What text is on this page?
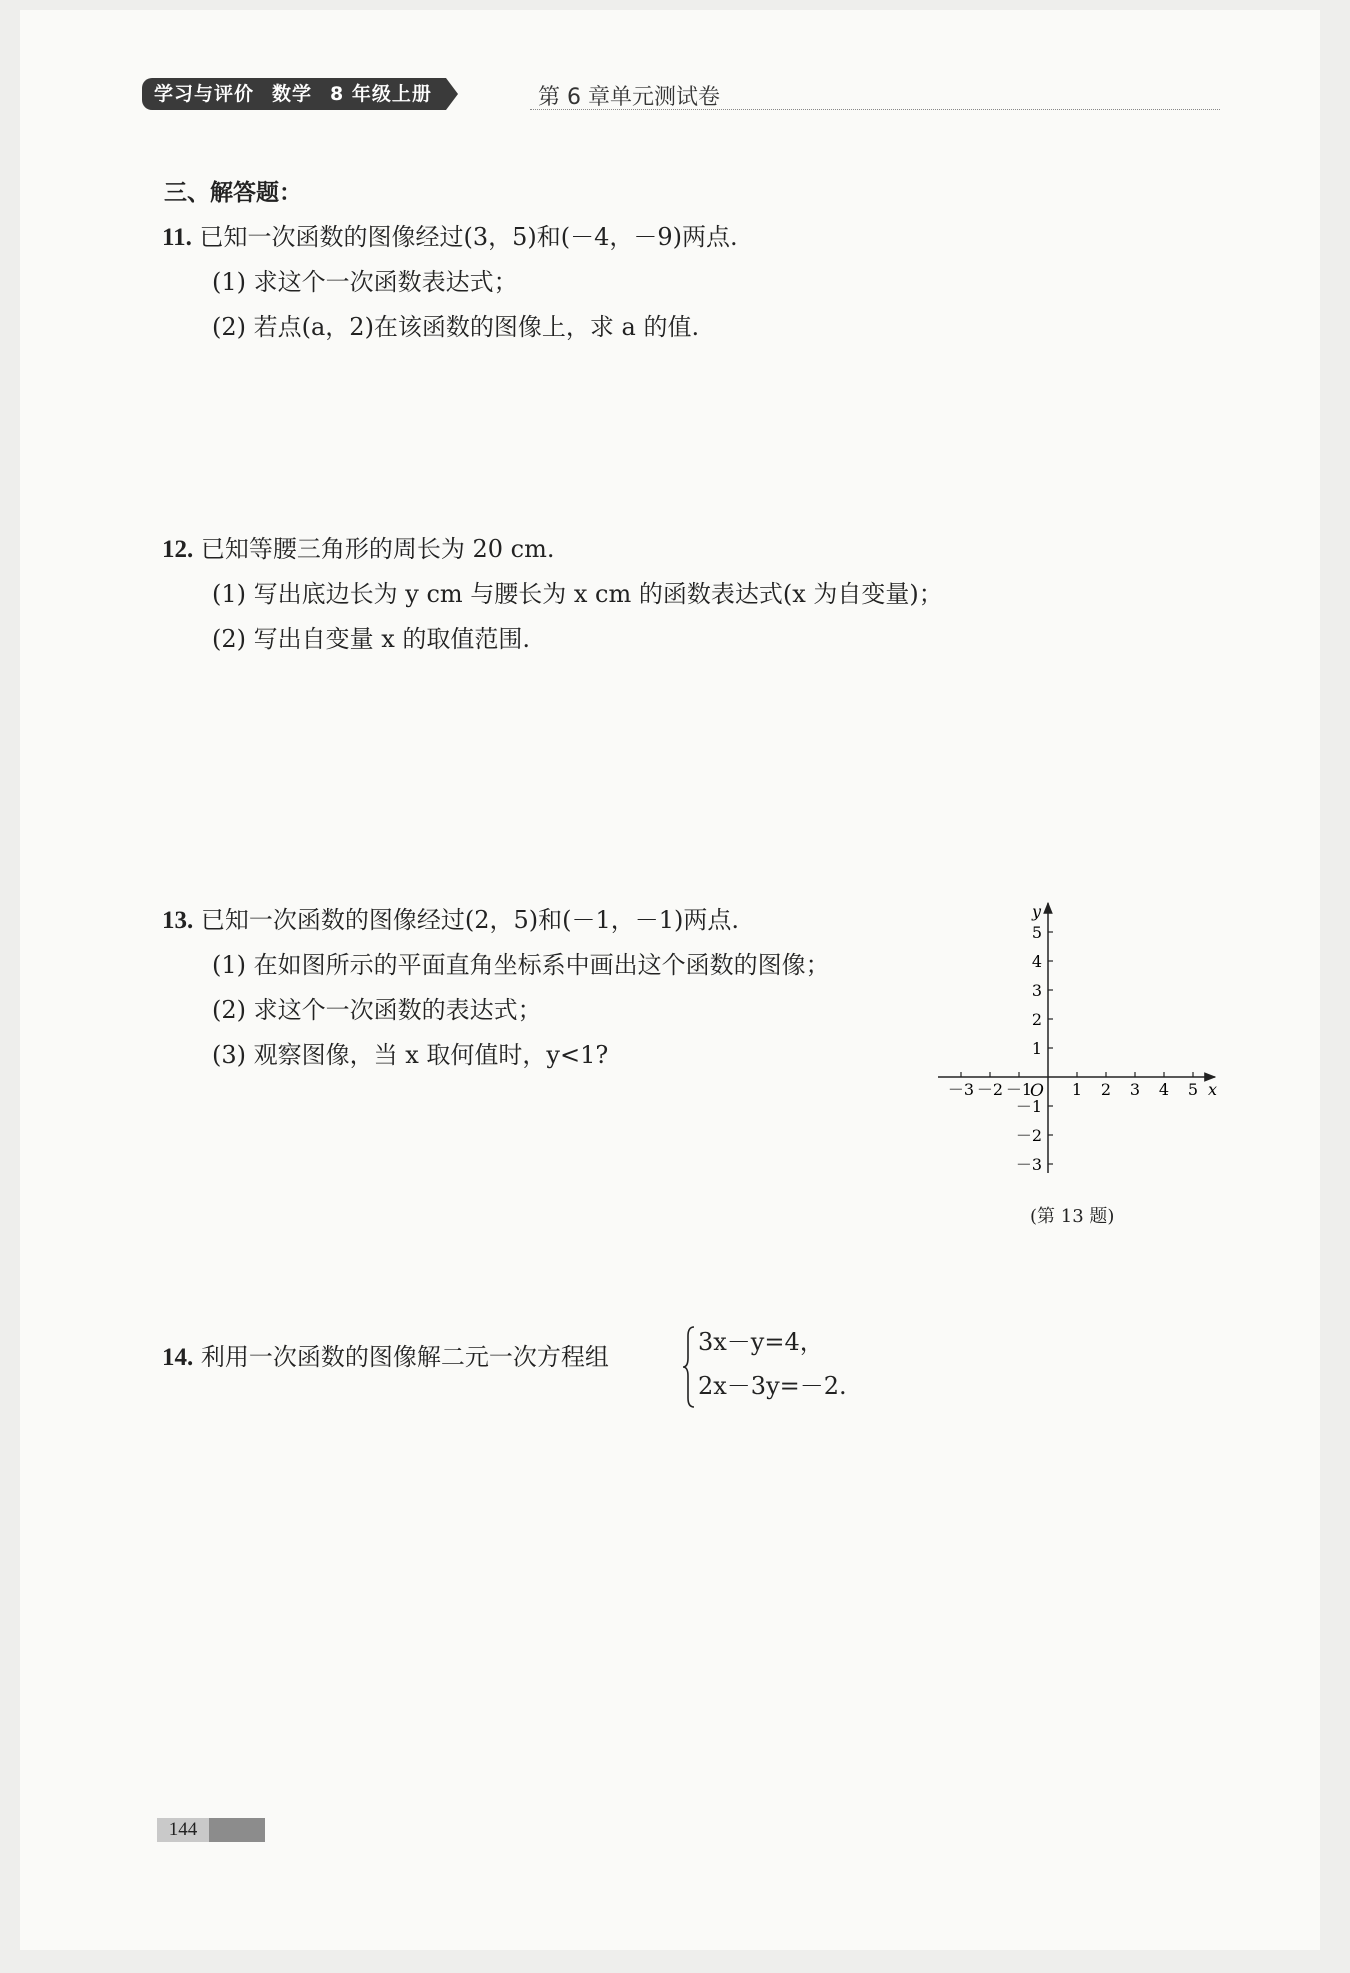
学习与评价 数学 8 年级上册	第 6 章单元测试卷
三、解答题：
11. 已知一次函数的图像经过(3，5)和(－4，－9)两点.
(1) 求这个一次函数表达式；
(2) 若点(a，2)在该函数的图像上，求 a 的值.
12. 已知等腰三角形的周长为 20 cm.
(1) 写出底边长为 y cm 与腰长为 x cm 的函数表达式(x 为自变量)；
(2) 写出自变量 x 的取值范围.
13. 已知一次函数的图像经过(2，5)和(－1，－1)两点.
(1) 在如图所示的平面直角坐标系中画出这个函数的图像；
(2) 求这个一次函数的表达式；
(3) 观察图像，当 x 取何值时，y<1?
－3 －2 －1 1 2 3 4 5
5
4
3
2
1
－1
－2
－3
x
y
O
(第 13 题)
14. 利用一次函数的图像解二元一次方程组
3x－y=4，
2x－3y=－2.
144
